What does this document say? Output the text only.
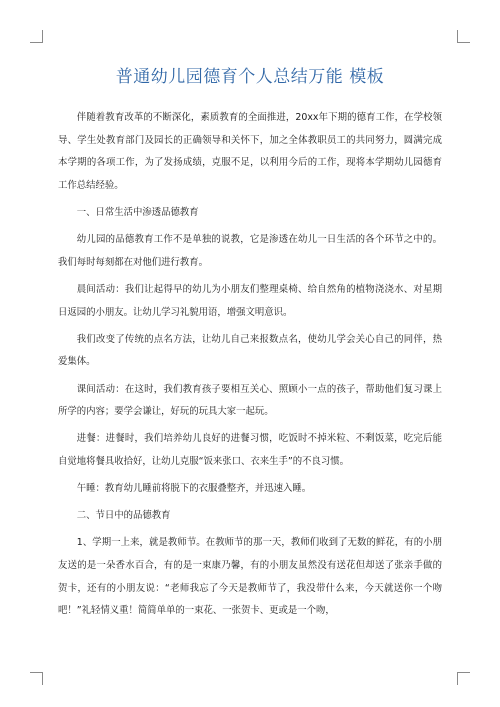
普通幼儿园德育个人总结万能 模板

伴随着教育改革的不断深化，素质教育的全面推进，20xx年下期的德育工作，在学校领导、学生处教育部门及园长的正确领导和关怀下，加之全体教职员工的共同努力，圆满完成本学期的各项工作，为了发扬成绩，克服不足，以利用今后的工作，现将本学期幼儿园德育工作总结经验。

一、日常生活中渗透品德教育

幼儿园的品德教育工作不是单独的说教，它是渗透在幼儿一日生活的各个环节之中的。我们每时每刻都在对他们进行教育。

晨间活动：我们让起得早的幼儿为小朋友们整理桌椅、给自然角的植物浇浇水、对星期日返园的小朋友。让幼儿学习礼貌用语，增强文明意识。

我们改变了传统的点名方法，让幼儿自己来报数点名，使幼儿学会关心自己的同伴，热爱集体。

课间活动：在这时，我们教育孩子要相互关心、照顾小一点的孩子，帮助他们复习课上所学的内容；要学会谦让，好玩的玩具大家一起玩。

进餐：进餐时，我们培养幼儿良好的进餐习惯，吃饭时不掉米粒、不剩饭菜，吃完后能自觉地将餐具收拾好，让幼儿克服“饭来张口、衣来生手”的不良习惯。

午睡：教育幼儿睡前将脱下的衣服叠整齐，并迅速入睡。

二、节日中的品德教育

1、学期一上来，就是教师节。在教师节的那一天，教师们收到了无数的鲜花，有的小朋友送的是一朵香水百合，有的是一束康乃馨，有的小朋友虽然没有送花但却送了张亲手做的贺卡，还有的小朋友说：“老师我忘了今天是教师节了，我没带什么来，今天就送你一个吻吧！”礼轻情义重！简简单单的一束花、一张贺卡、更或是一个吻，
